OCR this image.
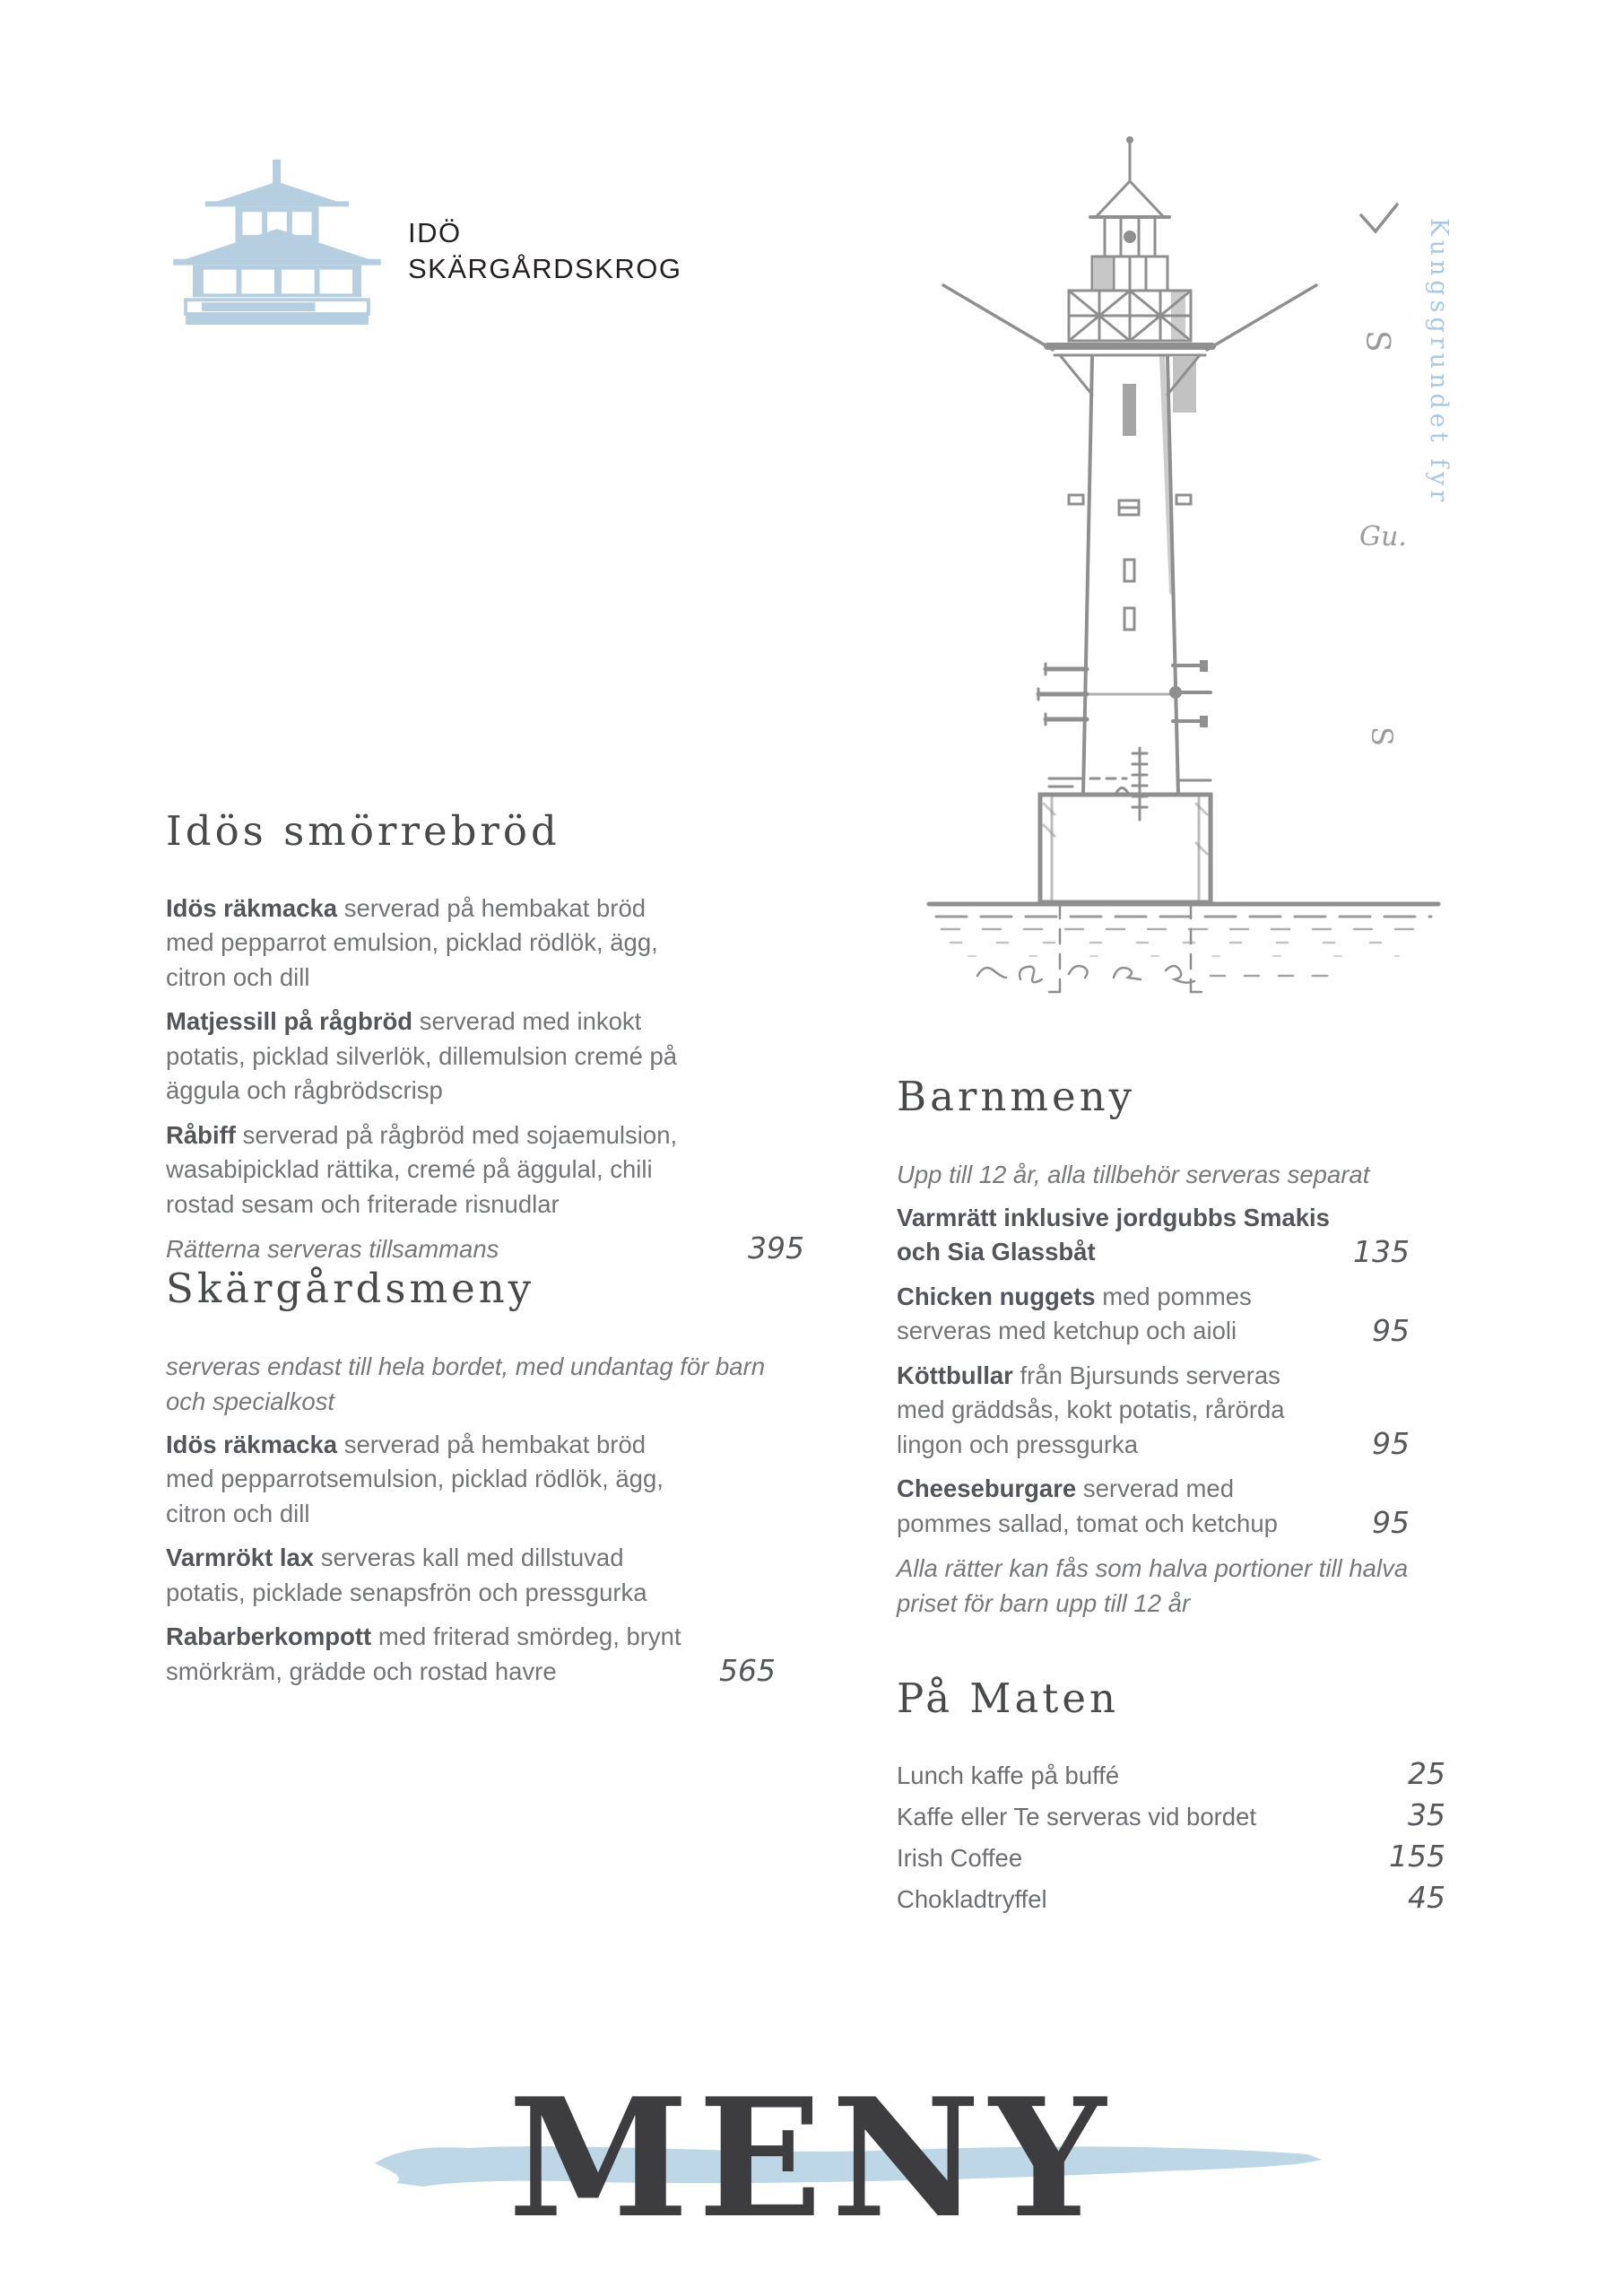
IDÖ
SKÄRGÅRDSKROG
S
Gu.
S
Kungsgrundet fyr
Idös smörrebröd
Idös räkmacka serverad på hembakat bröd med pepparrot emulsion, picklad rödlök, ägg, citron och dill
Matjessill på rågbröd serverad med inkokt potatis, picklad silverlök, dillemulsion cremé på äggula och rågbrödscrisp
Råbiff serverad på rågbröd med sojaemulsion, wasabipicklad rättika, cremé på äggulal, chili rostad sesam och friterade risnudlar

Rätterna serveras tillsammans	395
Skärgårdsmeny

serveras endast till hela bordet, med undantag för barn och specialkost

Idös räkmacka serverad på hembakat bröd med pepparrotsemulsion, picklad rödlök, ägg, citron och dill
Varmrökt lax serveras kall med dillstuvad potatis, picklade senapsfrön och pressgurka
Rabarberkompott med friterad smördeg, brynt smörkräm, grädde och rostad havre	565
Barnmeny

Upp till 12 år, alla tillbehör serveras separat

Varmrätt inklusive jordgubbs Smakis och Sia Glassbåt	135
Chicken nuggets med pommes serveras med ketchup och aioli	95
Köttbullar från Bjursunds serveras med gräddsås, kokt potatis, rårörda lingon och pressgurka	95
Cheeseburgare serverad med pommes sallad, tomat och ketchup	95

Alla rätter kan fås som halva portioner till halva priset för barn upp till 12 år

På Maten
Lunch kaffe på buffé	25
Kaffe eller Te serveras vid bordet	35
Irish Coffee	155
Chokladtryffel	45
MENY
